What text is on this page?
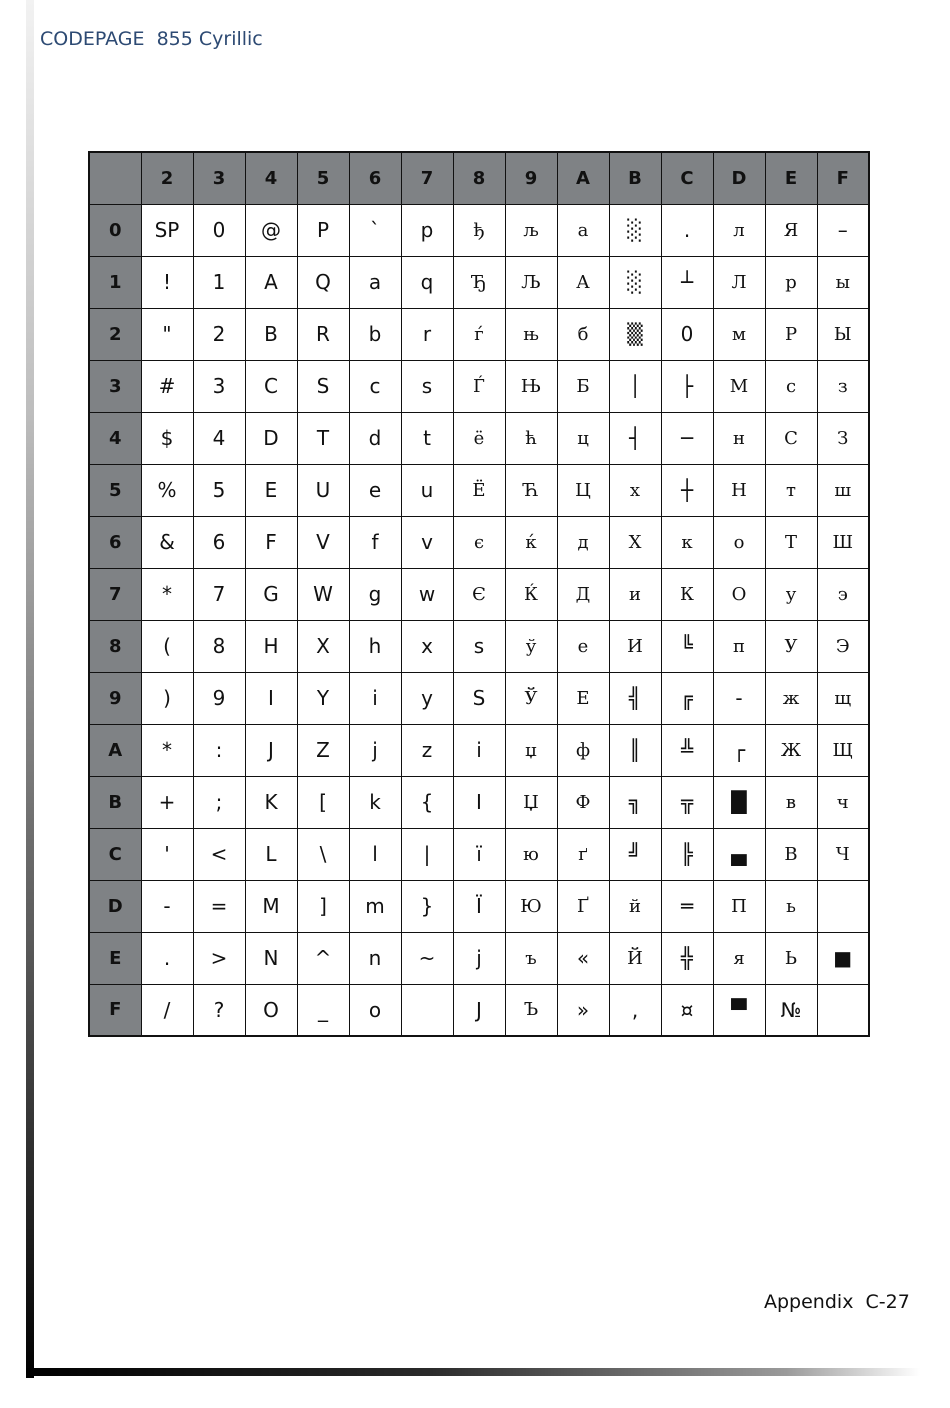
CODEPAGE  855 Cyrillic
	2	3	4	5	6	7	8	9	A	B	C	D	E	F
0	SP	0	@	P	`	p	ђ	љ	а	░	.	л	Я	–
1	!	1	A	Q	a	q	Ђ	Љ	А	░	┴	Л	р	ы
2	"	2	B	R	b	r	ѓ	њ	б	▒	0	м	Р	Ы
3	#	3	C	S	c	s	Ѓ	Њ	Б	│	├	М	с	з
4	$	4	D	T	d	t	ё	ћ	ц	┤	─	н	С	З
5	%	5	E	U	e	u	Ё	Ћ	Ц	х	┼	Н	т	ш
6	&	6	F	V	f	v	є	ќ	д	Х	к	о	Т	Ш
7	*	7	G	W	g	w	Є	Ќ	Д	и	К	О	у	э
8	(	8	H	X	h	x	s	ў	е	И	╚	п	У	Э
9	)	9	I	Y	i	y	S	Ў	Е	╣	╔	-	ж	щ
A	*	:	J	Z	j	z	i	џ	ф	║	╩	┌	Ж	Щ
B	+	;	K	[	k	{	I	Џ	Ф	╗	╦	█	в	ч
C	'	<	L	\	l	|	ï	ю	ґ	╝	╠	▄	В	Ч
D	-	=	M	]	m	}	Ï	Ю	Ґ	й	═	П	ь	
E	.	>	N	^	n	~	j	ъ	«	Й	╬	я	Ь	■
F	/	?	O	_	o		J	Ъ	»	,	¤	▀	№	
Appendix  C-27
